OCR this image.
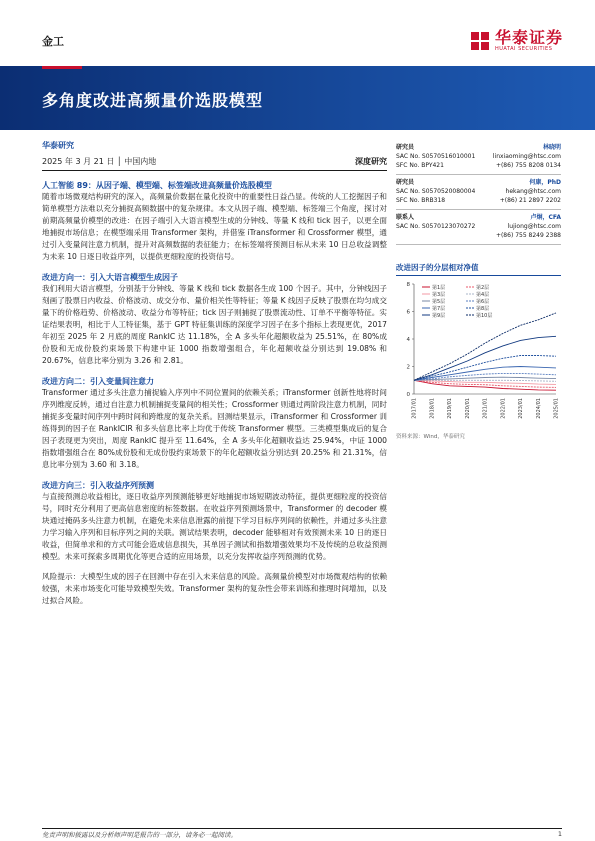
金工	华泰证券
HUATAI SECURITIES
多角度改进高频量价选股模型
华泰研究
2025 年 3 月 21 日 │ 中国内地	深度研究
人工智能 89：从因子端、模型端、标签端改进高频量价选股模型
随着市场微观结构研究的深入，高频量价数据在量化投资中的重要性日益凸显。传统的人工挖掘因子和简单模型方法难以充分捕捉高频数据中的复杂规律。本文从因子端、模型端、标签端三个角度，探讨对前期高频量价模型的改进：在因子端引入大语言模型生成的分钟线、等量 K 线和 tick 因子，以更全面地捕捉市场信息；在模型端采用 Transformer 架构，并借鉴 iTransformer 和 Crossformer 模型，通过引入变量间注意力机制，提升对高频数据的表征能力；在标签端将预测目标从未来 10 日总收益调整为未来 10 日逐日收益序列，以提供更细粒度的投资信号。
改进方向一：引入大语言模型生成因子
我们利用大语言模型，分别基于分钟线、等量 K 线和 tick 数据各生成 100 个因子。其中，分钟线因子刻画了股票日内收益、价格波动、成交分布、量价相关性等特征；等量 K 线因子反映了股票在均匀成交量下的价格趋势、价格波动、收益分布等特征；tick 因子则捕捉了股票流动性、订单不平衡等特征。实证结果表明，相比于人工特征集，基于 GPT 特征集训练的深度学习因子在多个指标上表现更优，2017 年初至 2025 年 2 月底的周度 RankIC 达 11.18%，全 A 多头年化超额收益为 25.51%，在 80%成份股和无成份股约束场景下构建中证 1000 指数增强组合，年化超额收益分别达到 19.08% 和 20.67%，信息比率分别为 3.26 和 2.81。
改进方向二：引入变量间注意力
Transformer 通过多头注意力捕捉输入序列中不同位置间的依赖关系；iTransformer 创新性地将时间序列维度反转，通过自注意力机制捕捉变量间的相关性；Crossformer 则通过两阶段注意力机制，同时捕捉多变量时间序列中跨时间和跨维度的复杂关系。回测结果显示，iTransformer 和 Crossformer 训练得到的因子在 RankICIR 和多头信息比率上均优于传统 Transformer 模型。三类模型集成后的复合因子表现更为突出，周度 RankIC 提升至 11.64%，全 A 多头年化超额收益达 25.94%，中证 1000 指数增强组合在 80%成份股和无成份股约束场景下的年化超额收益分别达到 20.25% 和 21.31%，信息比率分别为 3.60 和 3.18。
改进方向三：引入收益序列预测
与直接预测总收益相比，逐日收益序列预测能够更好地捕捉市场短期波动特征，提供更细粒度的投资信号，同时充分利用了更高信息密度的标签数据。在收益序列预测场景中，Transformer 的 decoder 模块通过掩码多头注意力机制，在避免未来信息泄露的前提下学习目标序列间的依赖性，并通过多头注意力学习输入序列和目标序列之间的关联。测试结果表明，decoder 能够相对有效预测未来 10 日的逐日收益，但简单求和的方式可能会造成信息损失，其单因子测试和指数增强效果均不及传统的总收益预测模型。未来可探索多周期优化等更合适的应用场景，以充分发挥收益序列预测的优势。
风险提示：大模型生成的因子在回测中存在引入未来信息的风险。高频量价模型对市场微观结构的依赖较强，未来市场变化可能导致模型失效。Transformer 架构的复杂性会带来训练和推理时间增加，以及过拟合风险。
研究员	林晓明
SAC No. S0570516010001	linxiaoming@htsc.com
SFC No. BPY421	+(86) 755 8208 0134
研究员	何康，PhD
SAC No. S0570520080004	hekang@htsc.com
SFC No. BRB318	+(86) 21 2897 2202
联系人	卢炯，CFA
SAC No. S0570123070272	lujiong@htsc.com
+(86) 755 8249 2388
改进因子的分层相对净值
0
2
4
6
8
2017/01 2018/01 2019/01 2020/01 2021/01 2022/01 2023/01 2024/01 2025/01
第1层	第2层
第3层	第4层
第5层	第6层
第7层	第8层
第9层	第10层
资料来源：Wind，华泰研究
免责声明和披露以及分析师声明是报告的一部分，请务必一起阅读。	1
